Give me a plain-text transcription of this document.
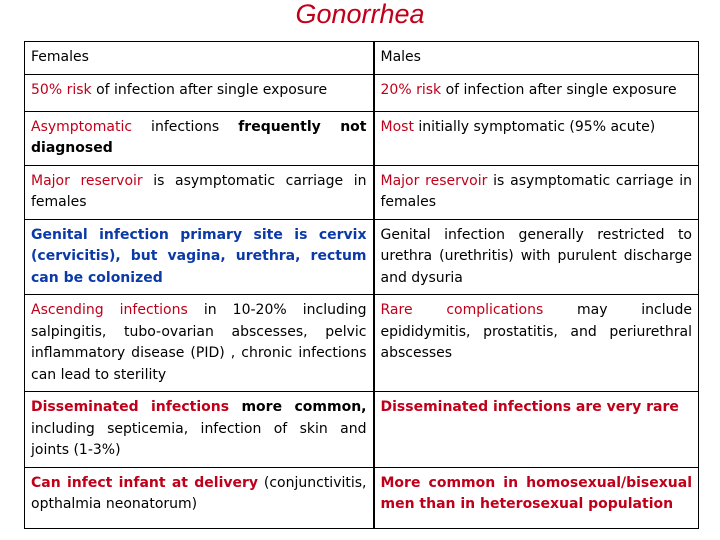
Gonorrhea
Females	Males
50% risk of infection after single exposure	20% risk of infection after single exposure
Asymptomatic infections frequently not diagnosed	Most initially symptomatic (95% acute)
Major reservoir is asymptomatic carriage in females	Major reservoir is asymptomatic carriage in females
Genital infection primary site is cervix (cervicitis), but vagina, urethra, rectum can be colonized	Genital infection generally restricted to urethra (urethritis) with purulent discharge and dysuria
Ascending infections in 10-20% including salpingitis, tubo-ovarian abscesses, pelvic inflammatory disease (PID) , chronic infections can lead to sterility	Rare complications may include epididymitis, prostatitis, and periurethral abscesses
Disseminated infections more common, including septicemia, infection of skin and joints (1-3%)	Disseminated infections are very rare
Can infect infant at delivery (conjunctivitis, opthalmia neonatorum)	More common in homosexual/bisexual men than in heterosexual population
